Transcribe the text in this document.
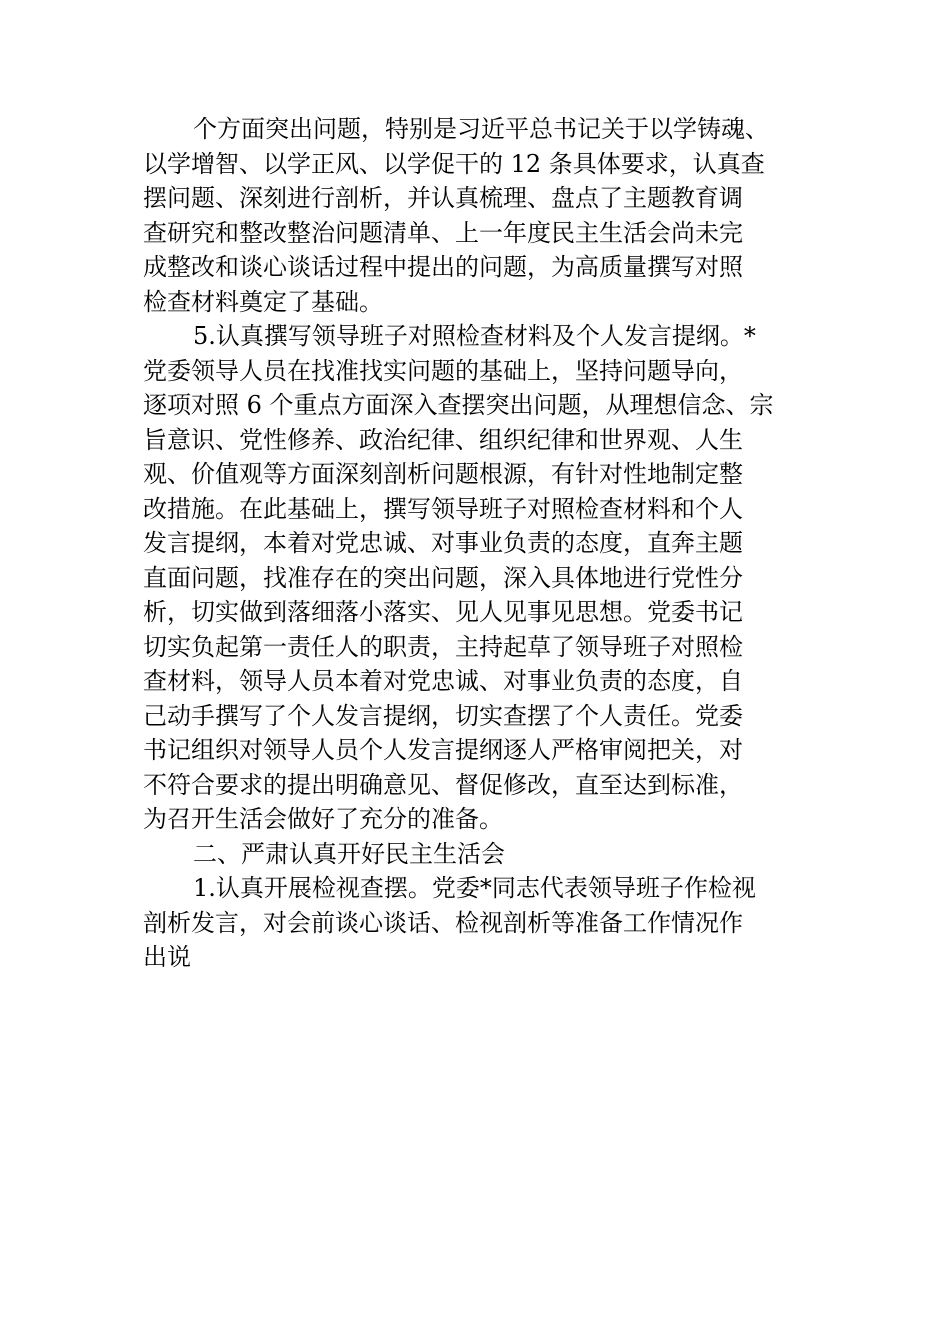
个方面突出问题，特别是习近平总书记关于以学铸魂、
以学增智、以学正风、以学促干的 12 条具体要求，认真查
摆问题、深刻进行剖析，并认真梳理、盘点了主题教育调
查研究和整改整治问题清单、上一年度民主生活会尚未完
成整改和谈心谈话过程中提出的问题，为高质量撰写对照
检查材料奠定了基础。
5.认真撰写领导班子对照检查材料及个人发言提纲。*
党委领导人员在找准找实问题的基础上，坚持问题导向，
逐项对照 6 个重点方面深入查摆突出问题，从理想信念、宗
旨意识、党性修养、政治纪律、组织纪律和世界观、人生
观、价值观等方面深刻剖析问题根源，有针对性地制定整
改措施。在此基础上，撰写领导班子对照检查材料和个人
发言提纲，本着对党忠诚、对事业负责的态度，直奔主题
直面问题，找准存在的突出问题，深入具体地进行党性分
析，切实做到落细落小落实、见人见事见思想。党委书记
切实负起第一责任人的职责，主持起草了领导班子对照检
查材料，领导人员本着对党忠诚、对事业负责的态度，自
己动手撰写了个人发言提纲，切实查摆了个人责任。党委
书记组织对领导人员个人发言提纲逐人严格审阅把关，对
不符合要求的提出明确意见、督促修改，直至达到标准，
为召开生活会做好了充分的准备。
二、严肃认真开好民主生活会
1.认真开展检视查摆。党委*同志代表领导班子作检视
剖析发言，对会前谈心谈话、检视剖析等准备工作情况作
出说
